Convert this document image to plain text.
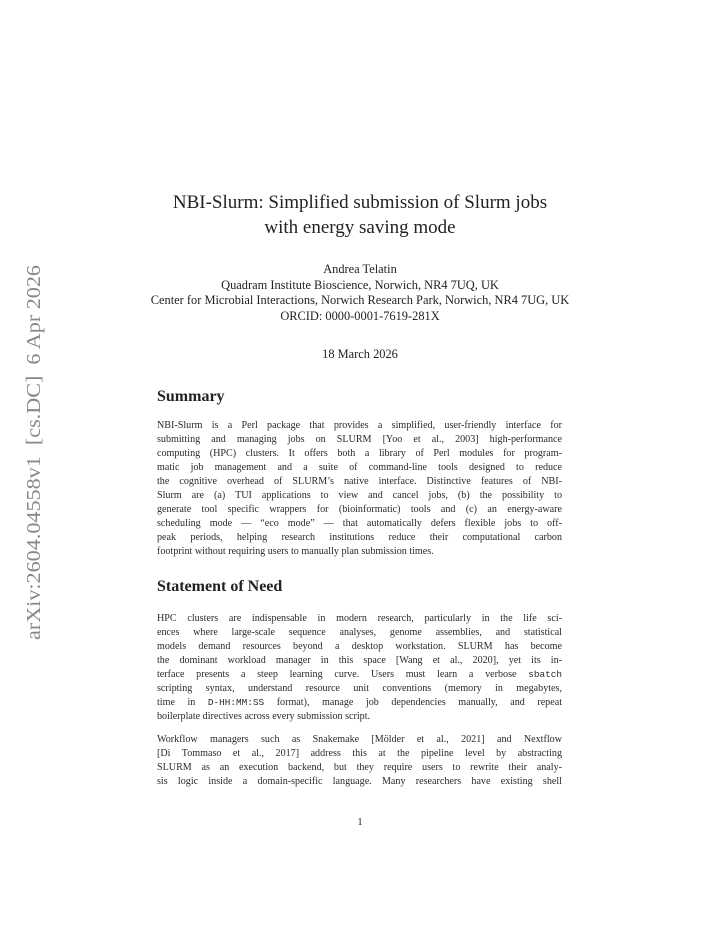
arXiv:2604.04558v1  [cs.DC]  6 Apr 2026
NBI-Slurm: Simplified submission of Slurm jobs
with energy saving mode
Andrea Telatin
Quadram Institute Bioscience, Norwich, NR4 7UQ, UK
Center for Microbial Interactions, Norwich Research Park, Norwich, NR4 7UG, UK
ORCID: 0000-0001-7619-281X
18 March 2026
Summary
NBI-Slurm is a Perl package that provides a simplified, user-friendly interface for
submitting and managing jobs on SLURM [Yoo et al., 2003] high-performance
computing (HPC) clusters. It offers both a library of Perl modules for program-
matic job management and a suite of command-line tools designed to reduce
the cognitive overhead of SLURM’s native interface. Distinctive features of NBI-
Slurm are (a) TUI applications to view and cancel jobs, (b) the possibility to
generate tool specific wrappers for (bioinformatic) tools and (c) an energy-aware
scheduling mode — “eco mode” — that automatically defers flexible jobs to off-
peak periods, helping research institutions reduce their computational carbon
footprint without requiring users to manually plan submission times.
Statement of Need
HPC clusters are indispensable in modern research, particularly in the life sci-
ences where large-scale sequence analyses, genome assemblies, and statistical
models demand resources beyond a desktop workstation. SLURM has become
the dominant workload manager in this space [Wang et al., 2020], yet its in-
terface presents a steep learning curve. Users must learn a verbose sbatch
scripting syntax, understand resource unit conventions (memory in megabytes,
time in D-HH:MM:SS format), manage job dependencies manually, and repeat
boilerplate directives across every submission script.
Workflow managers such as Snakemake [Mölder et al., 2021] and Nextflow
[Di Tommaso et al., 2017] address this at the pipeline level by abstracting
SLURM as an execution backend, but they require users to rewrite their analy-
sis logic inside a domain-specific language. Many researchers have existing shell
1
